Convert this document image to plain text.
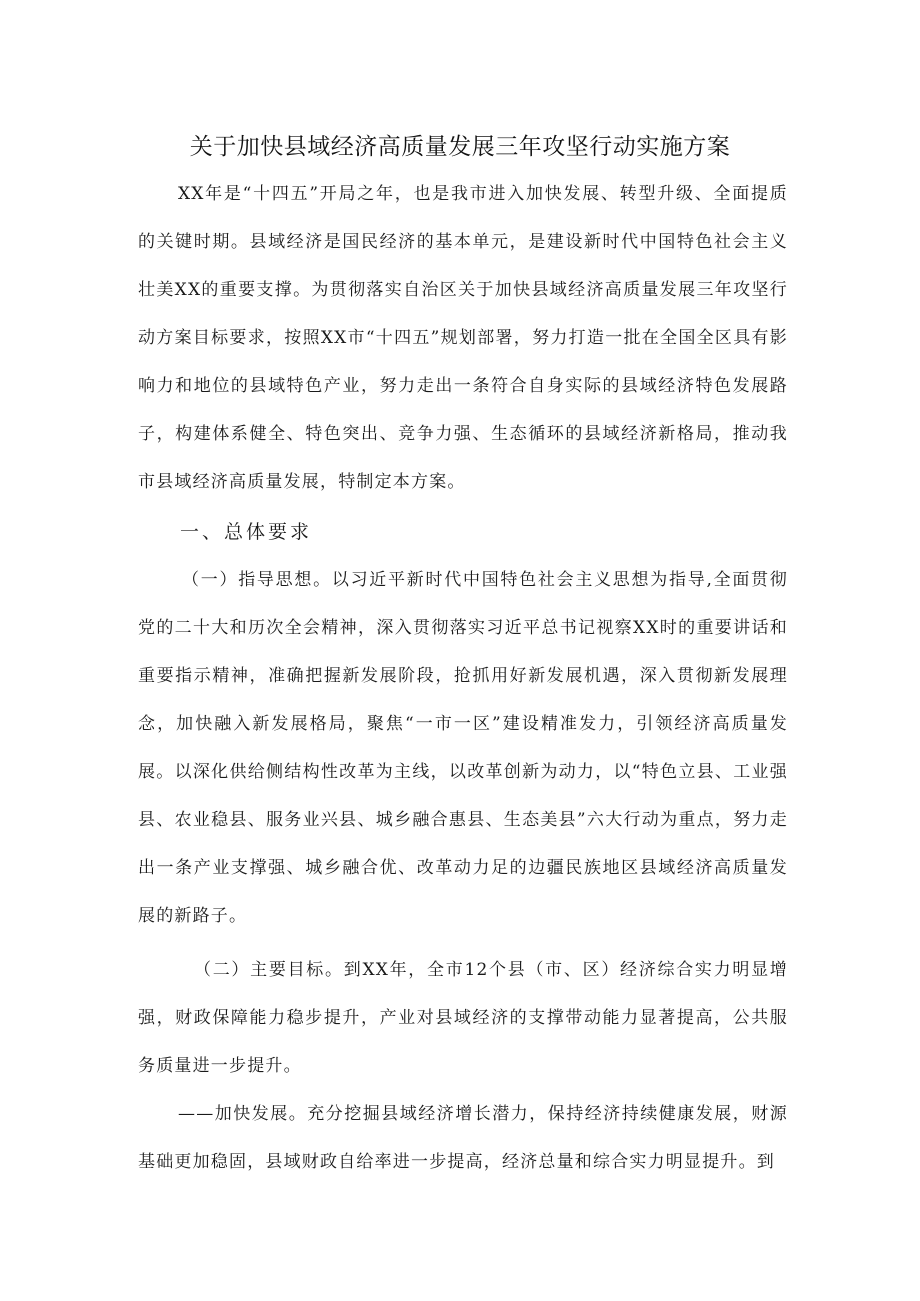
关于加快县域经济高质量发展三年攻坚行动实施方案
XX年是“十四五”开局之年，也是我市进入加快发展、转型升级、全面提质的关键时期。县域经济是国民经济的基本单元，是建设新时代中国特色社会主义壮美XX的重要支撑。为贯彻落实自治区关于加快县域经济高质量发展三年攻坚行动方案目标要求，按照XX市“十四五”规划部署，努力打造一批在全国全区具有影响力和地位的县域特色产业，努力走出一条符合自身实际的县域经济特色发展路子，构建体系健全、特色突出、竞争力强、生态循环的县域经济新格局，推动我市县域经济高质量发展，特制定本方案。
一、总体要求
（一）指导思想。以习近平新时代中国特色社会主义思想为指导,全面贯彻党的二十大和历次全会精神，深入贯彻落实习近平总书记视察XX时的重要讲话和重要指示精神，准确把握新发展阶段，抢抓用好新发展机遇，深入贯彻新发展理念，加快融入新发展格局，聚焦“一市一区”建设精准发力，引领经济高质量发展。以深化供给侧结构性改革为主线，以改革创新为动力，以“特色立县、工业强县、农业稳县、服务业兴县、城乡融合惠县、生态美县”六大行动为重点，努力走出一条产业支撑强、城乡融合优、改革动力足的边疆民族地区县域经济高质量发展的新路子。
（二）主要目标。到XX年，全市12个县（市、区）经济综合实力明显增强，财政保障能力稳步提升，产业对县域经济的支撑带动能力显著提高，公共服务质量进一步提升。
——加快发展。充分挖掘县域经济增长潜力，保持经济持续健康发展，财源基础更加稳固，县域财政自给率进一步提高，经济总量和综合实力明显提升。到
